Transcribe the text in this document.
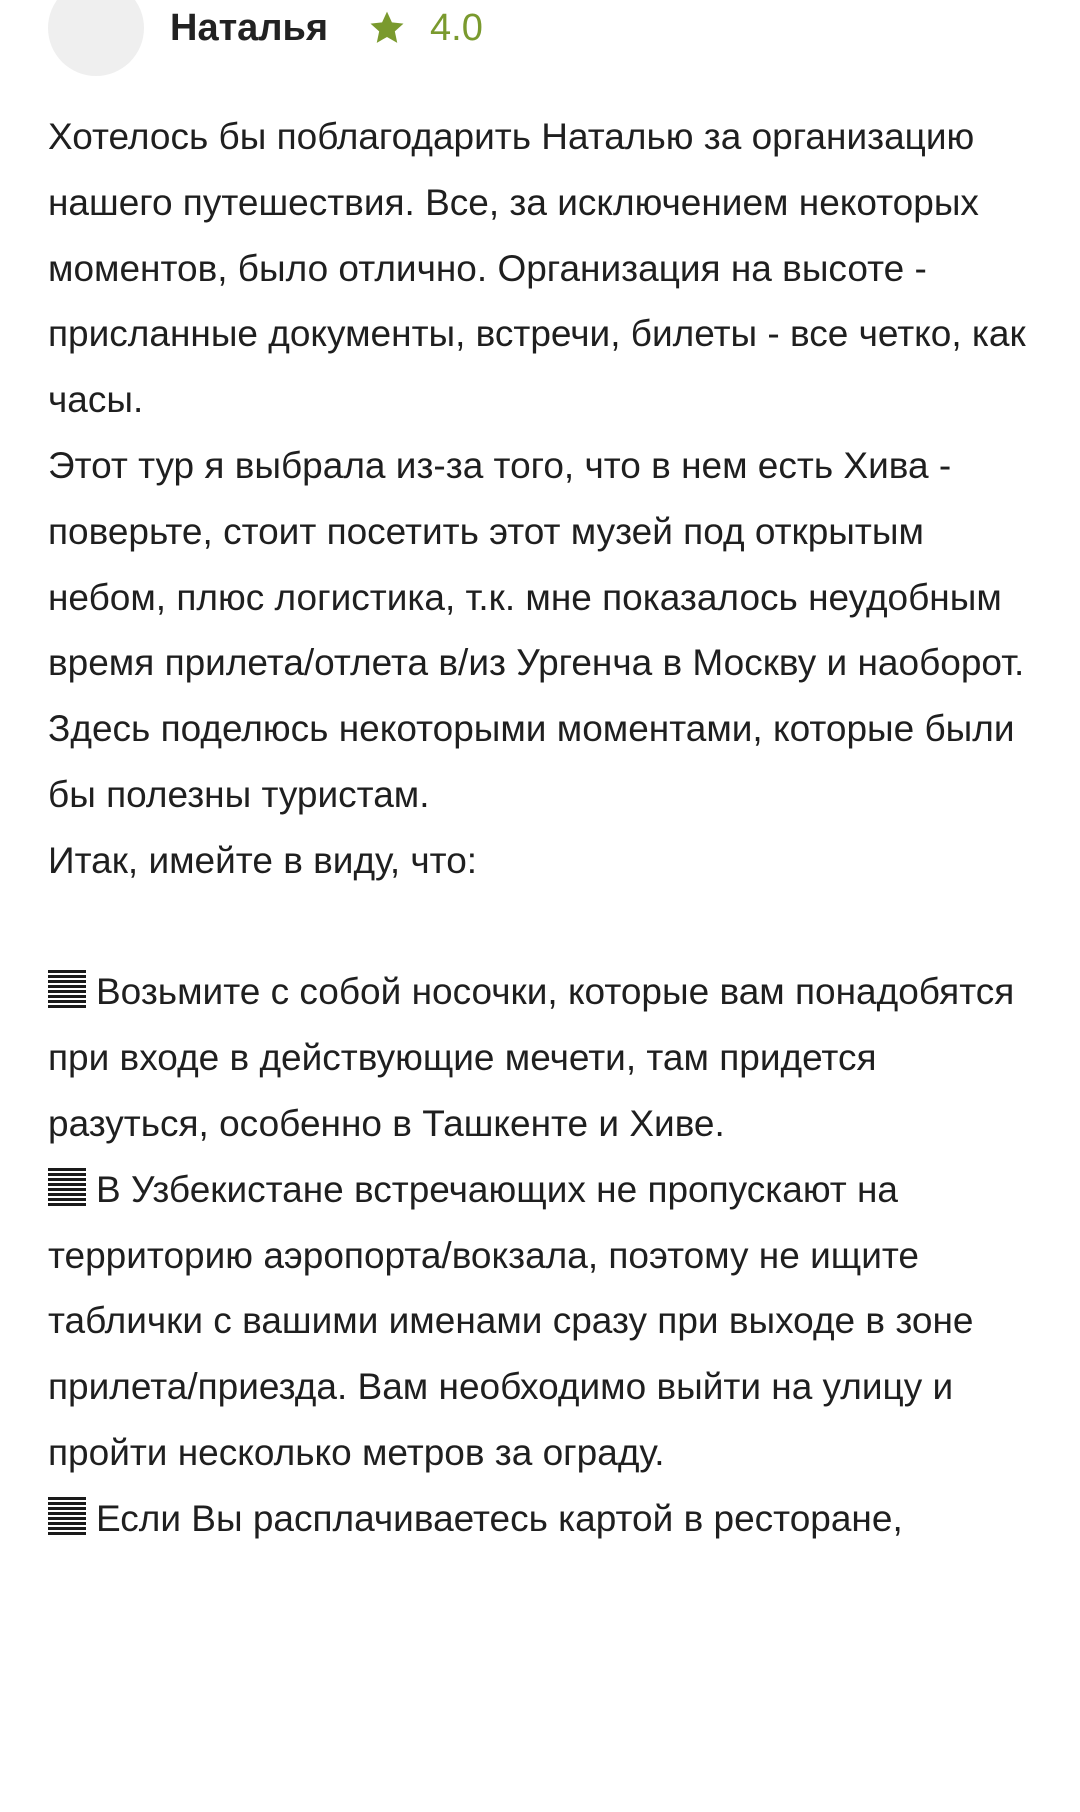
Наталья	4.0

Хотелось бы поблагодарить Наталью за организацию нашего путешествия. Все, за исключением некоторых моментов, было отлично. Организация на высоте - присланные документы, встречи, билеты - все четко, как часы.

Этот тур я выбрала из-за того, что в нем есть Хива - поверьте, стоит посетить этот музей под открытым небом, плюс логистика, т.к. мне показалось неудобным время прилета/отлета в/из Ургенча в Москву и наоборот.

Здесь поделюсь некоторыми моментами, которые были бы полезны туристам.

Итак, имейте в виду, что:

Возьмите с собой носочки, которые вам понадобятся при входе в действующие мечети, там придется разуться, особенно в Ташкенте и Хиве.

В Узбекистане встречающих не пропускают на территорию аэропорта/вокзала, поэтому не ищите таблички с вашими именами сразу при выходе в зоне прилета/приезда. Вам необходимо выйти на улицу и пройти несколько метров за ограду.

Если Вы расплачиваетесь картой в ресторане,
